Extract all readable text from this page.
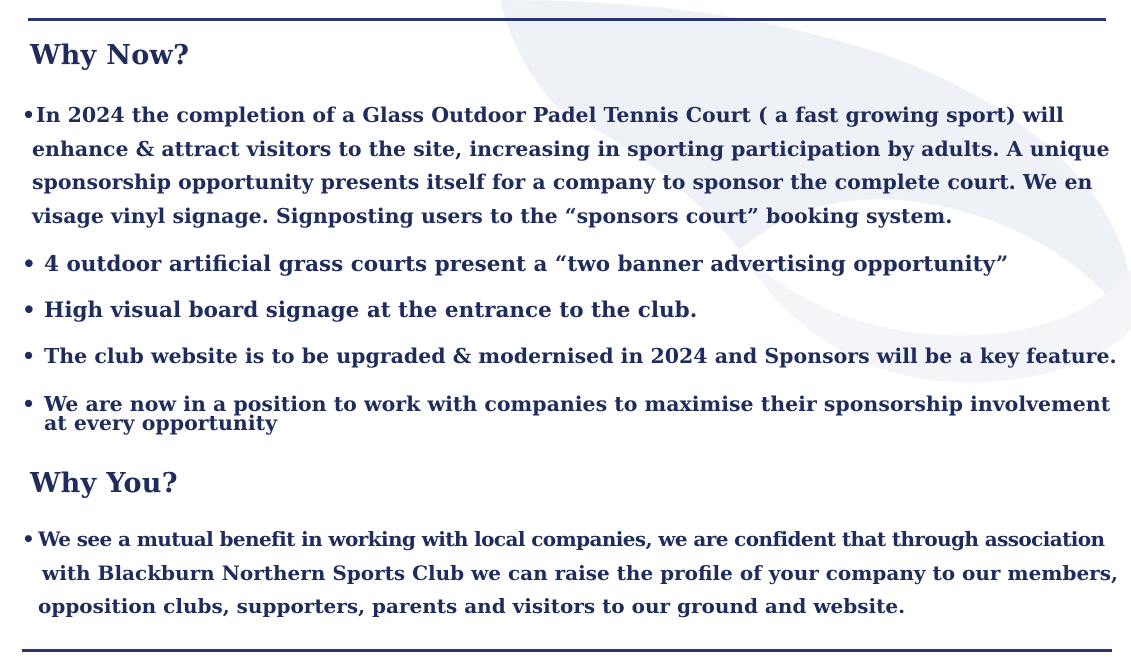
Why Now?
• In 2024 the completion of a Glass Outdoor Padel Tennis Court ( a fast growing sport) will
enhance & attract visitors to the site, increasing in sporting participation by adults. A unique
sponsorship opportunity presents itself for a company to sponsor the complete court. We en
visage vinyl signage. Signposting users to the “sponsors court” booking system.
• 4 outdoor artificial grass courts present a “two banner advertising opportunity”
• High visual board signage at the entrance to the club.
• The club website is to be upgraded & modernised in 2024 and Sponsors will be a key feature.
• We are now in a position to work with companies to maximise their sponsorship involvement
at every opportunity
Why You?
• We see a mutual benefit in working with local companies, we are confident that through association
with Blackburn Northern Sports Club we can raise the profile of your company to our members,
opposition clubs, supporters, parents and visitors to our ground and website.
